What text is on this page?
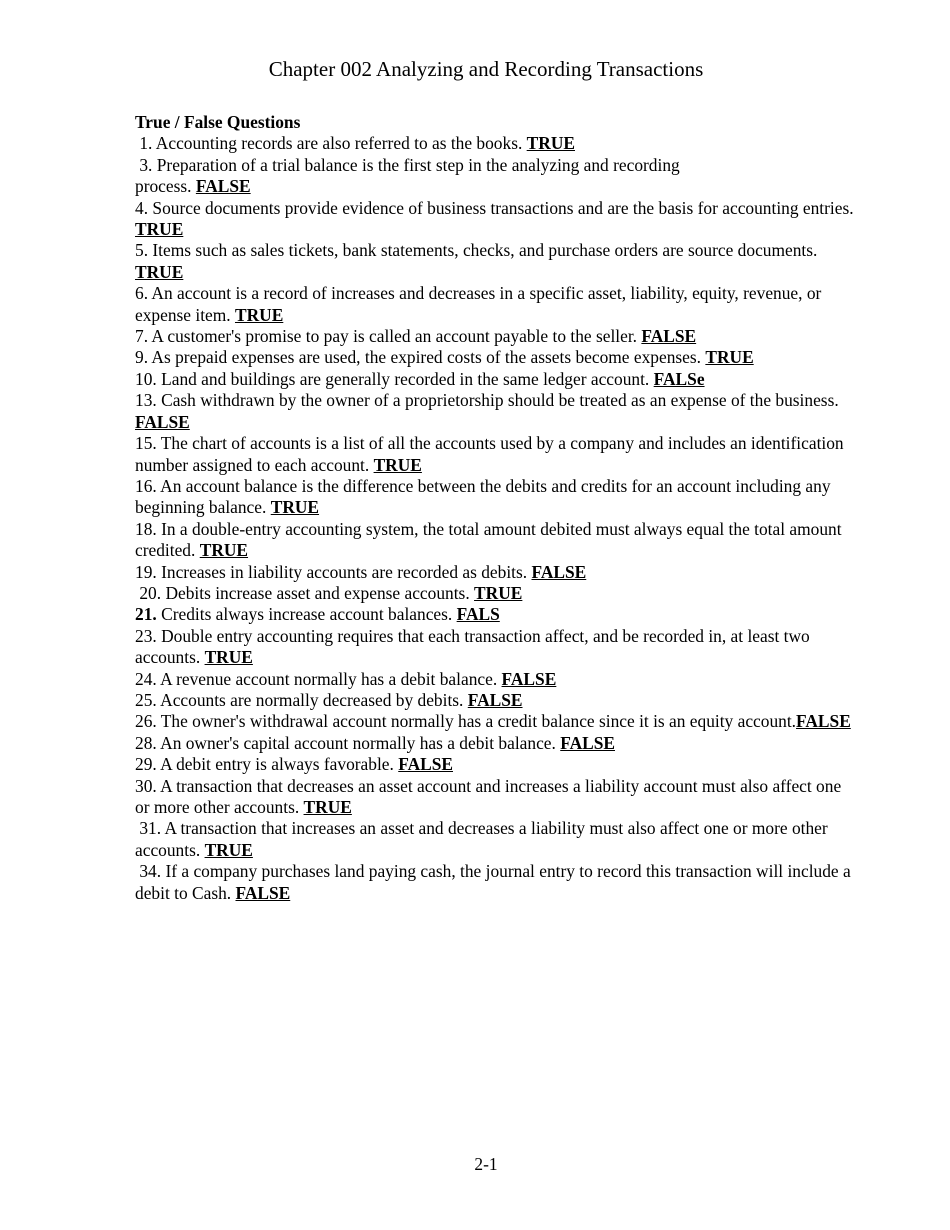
Chapter 002 Analyzing and Recording Transactions
True / False Questions
1. Accounting records are also referred to as the books. TRUE
3. Preparation of a trial balance is the first step in the analyzing and recording
process. FALSE
4. Source documents provide evidence of business transactions and are the basis for accounting entries. TRUE
5. Items such as sales tickets, bank statements, checks, and purchase orders are source documents. TRUE
6. An account is a record of increases and decreases in a specific asset, liability, equity, revenue, or expense item. TRUE
7. A customer's promise to pay is called an account payable to the seller. FALSE
9. As prepaid expenses are used, the expired costs of the assets become expenses. TRUE
10. Land and buildings are generally recorded in the same ledger account. FALSe
13. Cash withdrawn by the owner of a proprietorship should be treated as an expense of the business. FALSE
15. The chart of accounts is a list of all the accounts used by a company and includes an identification number assigned to each account. TRUE
16. An account balance is the difference between the debits and credits for an account including any beginning balance. TRUE
18. In a double-entry accounting system, the total amount debited must always equal the total amount credited. TRUE
19. Increases in liability accounts are recorded as debits. FALSE
20. Debits increase asset and expense accounts. TRUE
21. Credits always increase account balances. FALS
23. Double entry accounting requires that each transaction affect, and be recorded in, at least two accounts. TRUE
24. A revenue account normally has a debit balance. FALSE
25. Accounts are normally decreased by debits. FALSE
26. The owner's withdrawal account normally has a credit balance since it is an equity account.FALSE
28. An owner's capital account normally has a debit balance. FALSE
29. A debit entry is always favorable. FALSE
30. A transaction that decreases an asset account and increases a liability account must also affect one or more other accounts. TRUE
31. A transaction that increases an asset and decreases a liability must also affect one or more other accounts. TRUE
34. If a company purchases land paying cash, the journal entry to record this transaction will include a debit to Cash. FALSE
2-1
